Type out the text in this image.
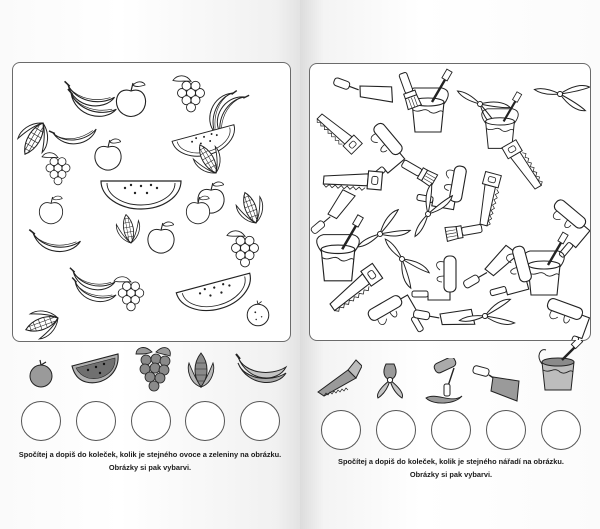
Spočítej a dopiš do koleček, kolik je stejného ovoce a zeleniny na obrázku.
Obrázky si pak vybarvi.
Spočítej a dopiš do koleček, kolik je stejného nářadí na obrázku.
Obrázky si pak vybarvi.
